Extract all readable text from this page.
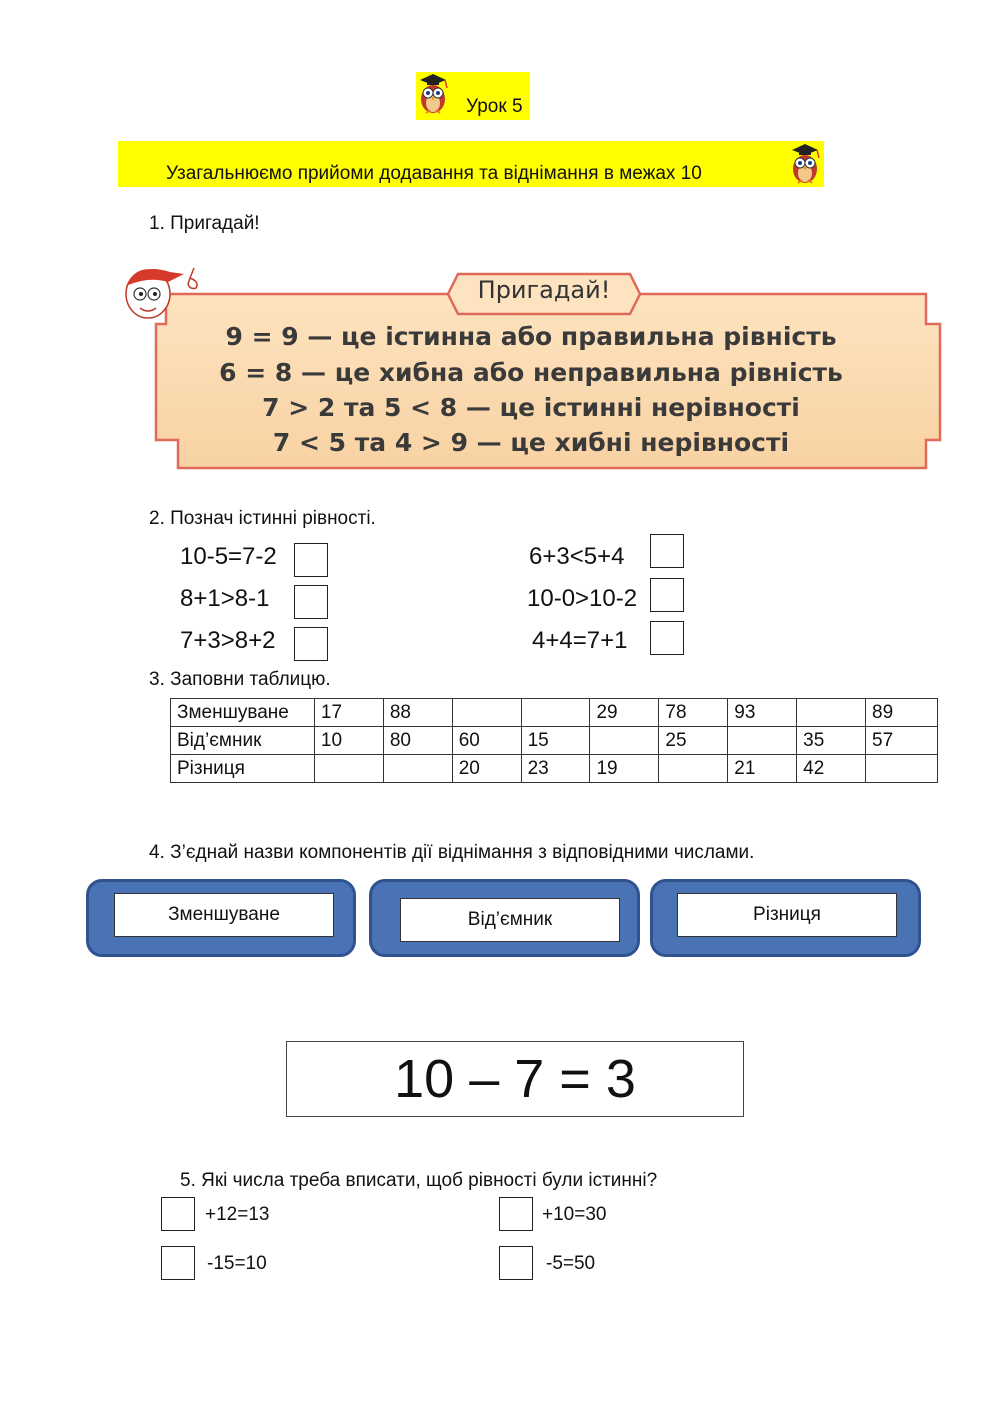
Урок 5
Узагальнюємо прийоми додавання та віднімання в межах 10
1. Пригадай!
Пригадай!
9 = 9 — це істинна або правильна рівність
6 = 8 — це хибна або неправильна рівність
7 > 2 та 5 < 8 — це істинні нерівності
7 < 5 та 4 > 9 — це хибні нерівності
2. Познач істинні рівності.
10-5=7-2
8+1>8-1
7+3>8+2
6+3<5+4
10-0>10-2
4+4=7+1
3. Заповни таблицю.
Зменшуване	17	88			29	78	93		89
Від’ємник	10	80	60	15		25		35	57
Різниця			20	23	19		21	42	
4. З’єднай назви компонентів дії віднімання з відповідними числами.
Зменшуване	Від’ємник	Різниця
10 – 7 = 3
5. Які числа треба вписати, щоб рівності були істинні?
+12=13
-15=10
+10=30
-5=50
